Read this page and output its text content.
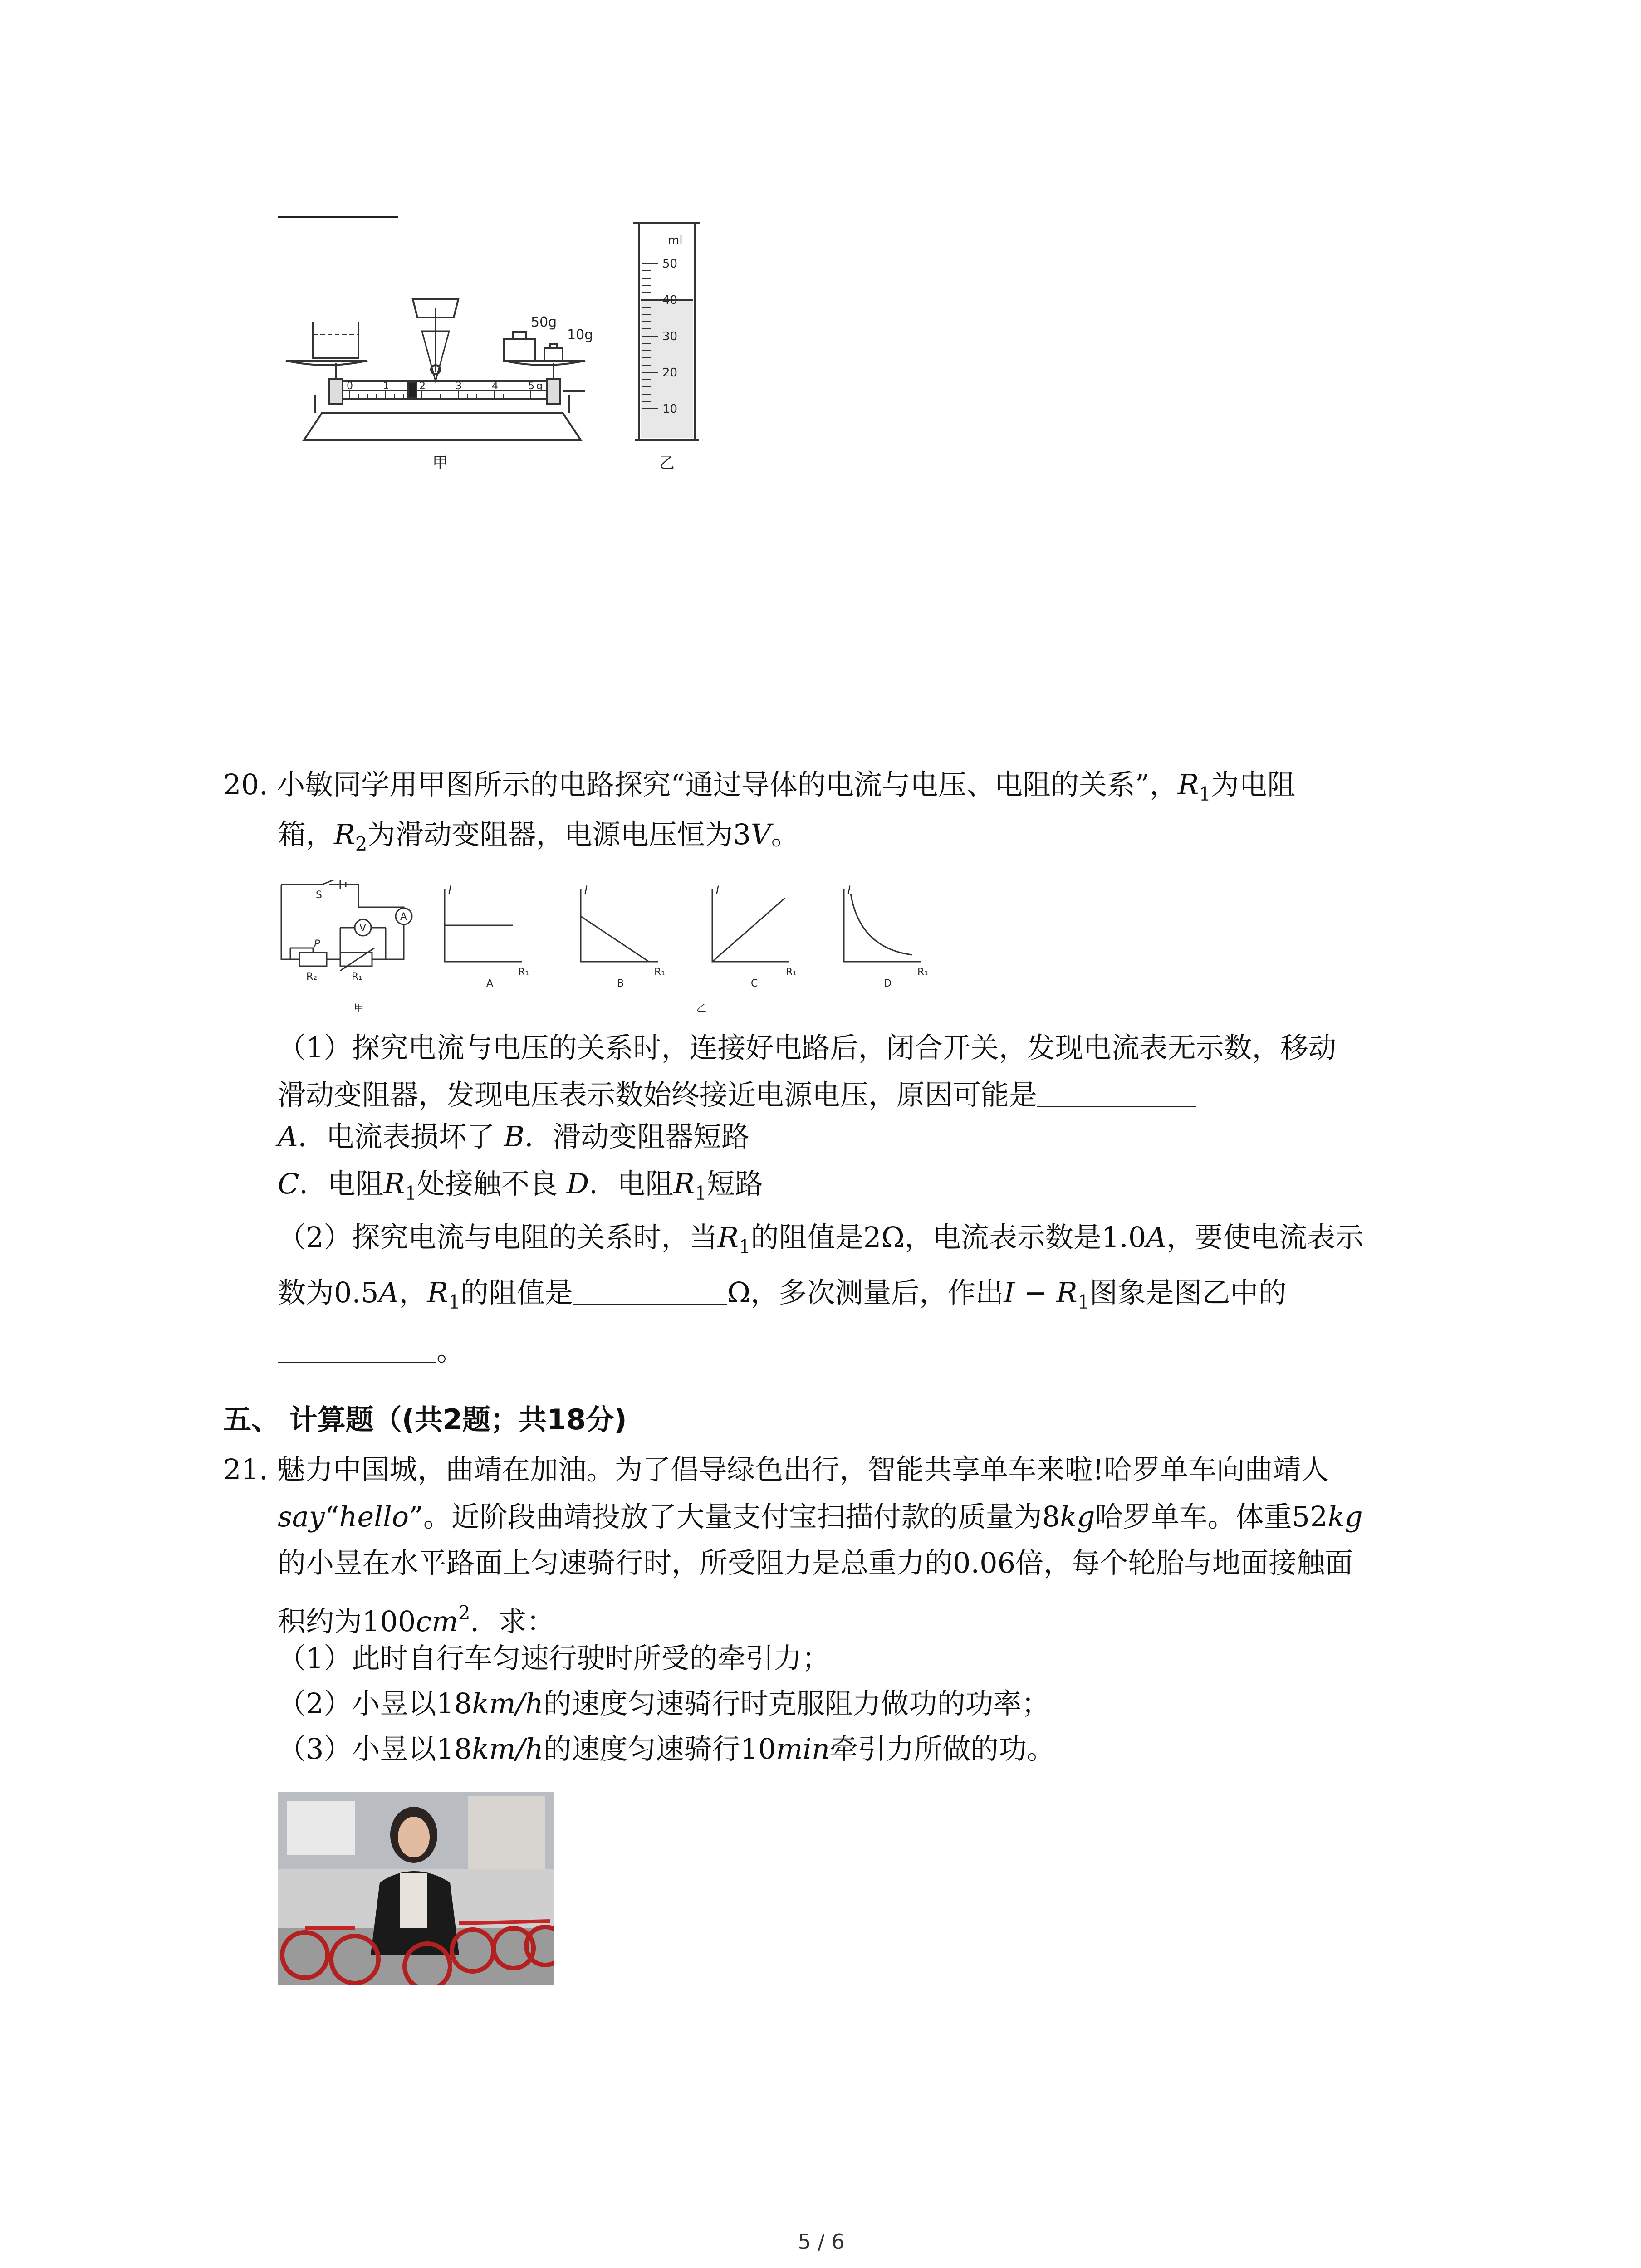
0	1	2	3	4	5 g
50g
10g
甲
ml
50
40
30
20
10
乙
20. 小敏同学用甲图所示的电路探究“通过导体的电流与电压、电阻的关系”，$R_1$为电阻
箱，$R_2$为滑动变阻器，电源电压恒为3V。
S
A
V
P
R₂	R₁
甲
I	I	I	I
R₁	R₁	R₁	R₁
A	B	C	D
乙
（1）探究电流与电压的关系时，连接好电路后，闭合开关，发现电流表无示数，移动
滑动变阻器，发现电压表示数始终接近电源电压，原因可能是
A．电流表损坏了 B．滑动变阻器短路
C．电阻$R_1$处接触不良 D．电阻$R_1$短路
（2）探究电流与电阻的关系时，当$R_1$的阻值是2Ω，电流表示数是1.0A，要使电流表示
数为0.5A，$R_1$的阻值是	Ω，多次测量后，作出$I - R_1$图象是图乙中的
。
五、 计算题（(共2题；共18分)
21. 魅力中国城，曲靖在加油。为了倡导绿色出行，智能共享单车来啦!哈罗单车向曲靖人
say“hello”。近阶段曲靖投放了大量支付宝扫描付款的质量为8kg哈罗单车。体重52kg
的小昱在水平路面上匀速骑行时，所受阻力是总重力的0.06倍，每个轮胎与地面接触面
积约为$100cm^2$．求：
（1）此时自行车匀速行驶时所受的牵引力；
（2）小昱以18km/h的速度匀速骑行时克服阻力做功的功率；
（3）小昱以18km/h的速度匀速骑行10min牵引力所做的功。
5 / 6
